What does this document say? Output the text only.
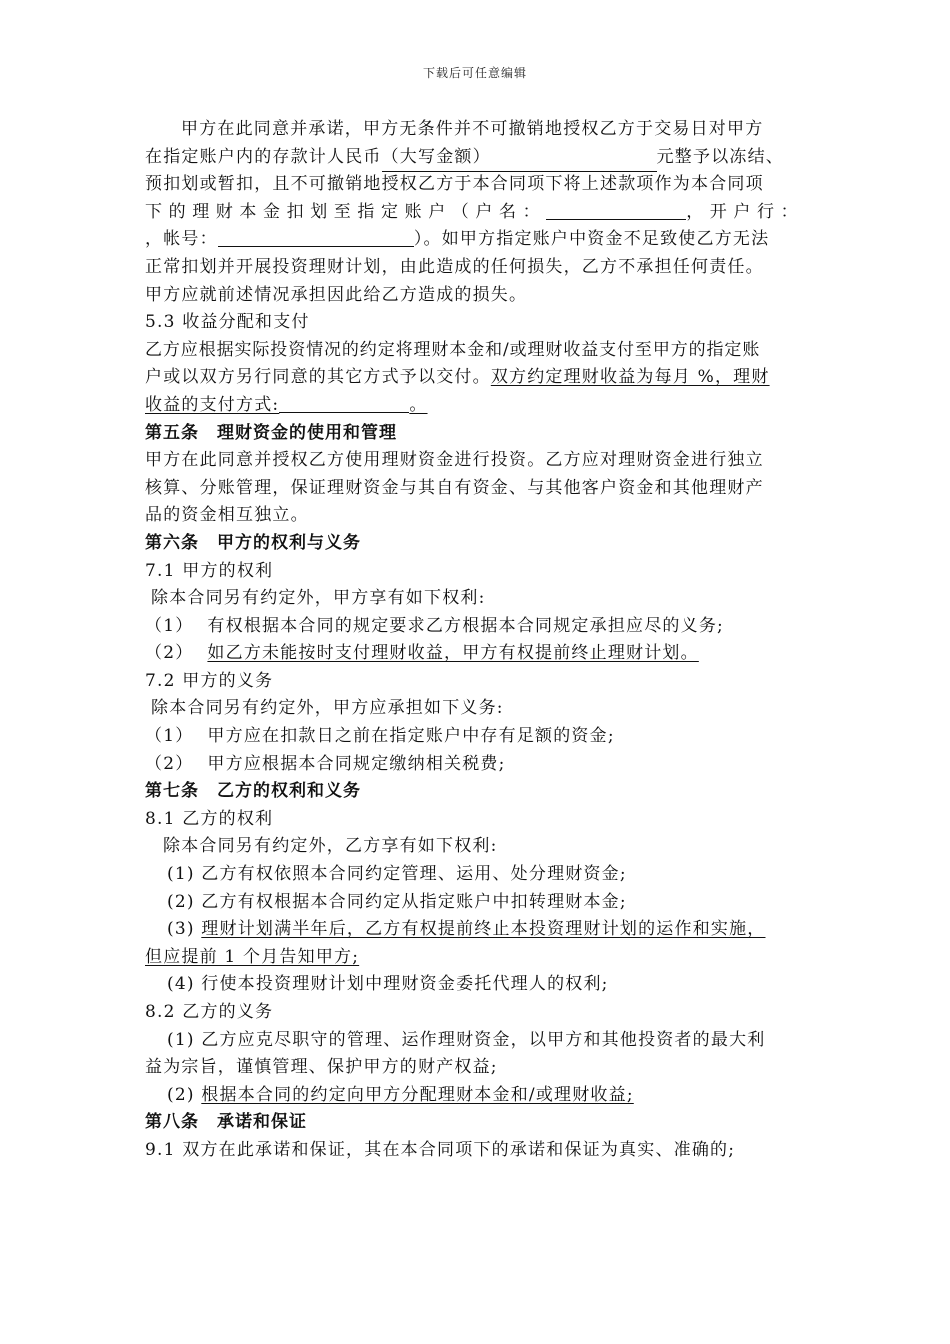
下载后可任意编辑
甲方在此同意并承诺，甲方无条件并不可撤销地授权乙方于交易日对甲方
在指定账户内的存款计人民币（大写金额）	元整予以冻结、
预扣划或暂扣，且不可撤销地授权乙方于本合同项下将上述款项作为本合同项
下的理财本金扣划至指定账户（户名：	，开户行：
，帐号：	）。如甲方指定账户中资金不足致使乙方无法
正常扣划并开展投资理财计划，由此造成的任何损失，乙方不承担任何责任。
甲方应就前述情况承担因此给乙方造成的损失。
5.3 收益分配和支付
乙方应根据实际投资情况的约定将理财本金和/或理财收益支付至甲方的指定账
户或以双方另行同意的其它方式予以交付。双方约定理财收益为每月 %，理财
收益的支付方式:	。
第五条　理财资金的使用和管理
甲方在此同意并授权乙方使用理财资金进行投资。乙方应对理财资金进行独立
核算、分账管理，保证理财资金与其自有资金、与其他客户资金和其他理财产
品的资金相互独立。
第六条　甲方的权利与义务
7.1 甲方的权利
除本合同另有约定外，甲方享有如下权利:
（1） 有权根据本合同的规定要求乙方根据本合同规定承担应尽的义务;
（2） 如乙方未能按时支付理财收益，甲方有权提前终止理财计划。
7.2 甲方的义务
除本合同另有约定外，甲方应承担如下义务:
（1） 甲方应在扣款日之前在指定账户中存有足额的资金;
（2） 甲方应根据本合同规定缴纳相关税费;
第七条　乙方的权利和义务
8.1 乙方的权利
除本合同另有约定外，乙方享有如下权利:
(1) 乙方有权依照本合同约定管理、运用、处分理财资金;
(2) 乙方有权根据本合同约定从指定账户中扣转理财本金;
(3) 理财计划满半年后，乙方有权提前终止本投资理财计划的运作和实施，
但应提前 1 个月告知甲方;
(4) 行使本投资理财计划中理财资金委托代理人的权利;
8.2 乙方的义务
(1) 乙方应克尽职守的管理、运作理财资金，以甲方和其他投资者的最大利
益为宗旨，谨慎管理、保护甲方的财产权益;
(2) 根据本合同的约定向甲方分配理财本金和/或理财收益;
第八条　承诺和保证
9.1 双方在此承诺和保证，其在本合同项下的承诺和保证为真实、准确的;
